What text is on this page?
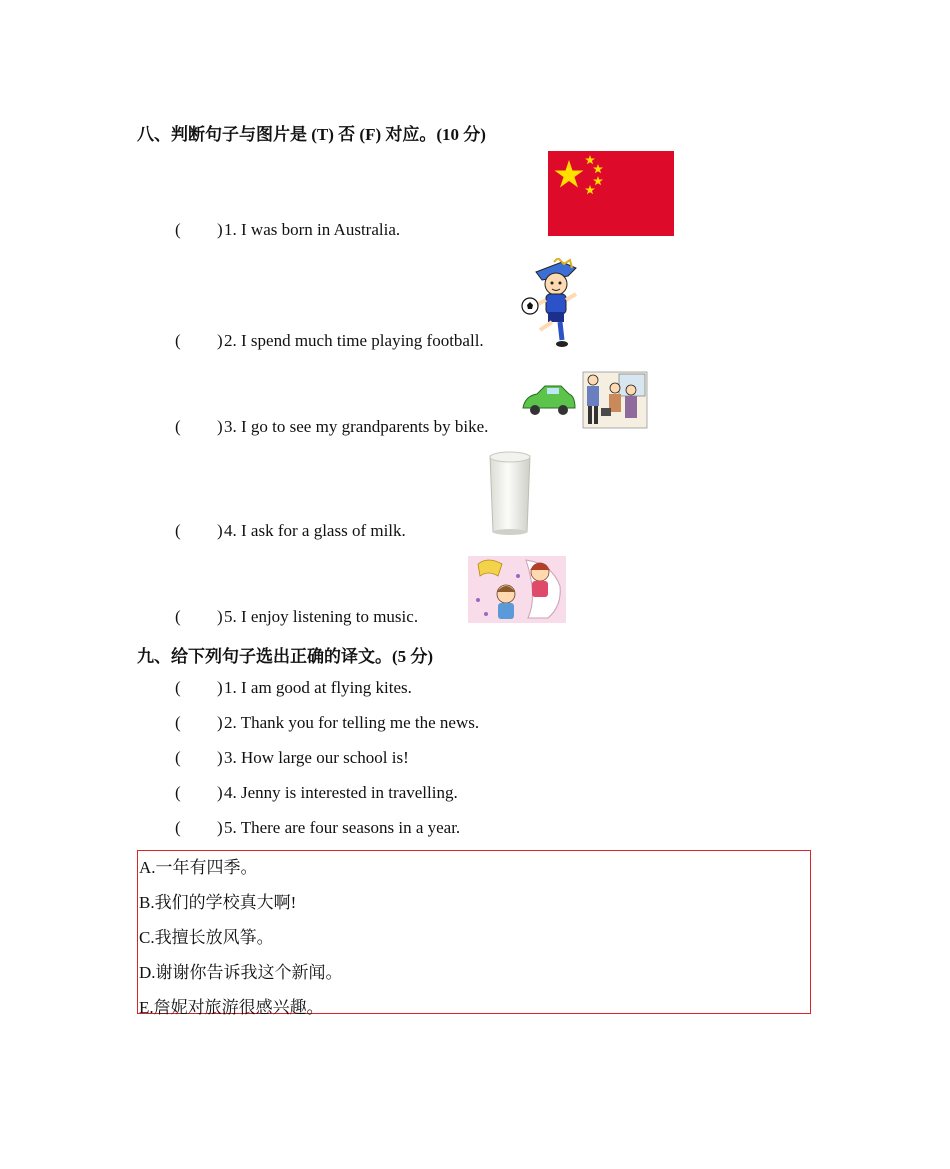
八、判断句子与图片是 (T) 否 (F) 对应。(10 分)
( ) 1. I was born in Australia.
( ) 2. I spend much time playing football.
( ) 3. I go to see my grandparents by bike.
( ) 4. I ask for a glass of milk.
( ) 5. I enjoy listening to music.
九、给下列句子选出正确的译文。(5 分)
( ) 1. I am good at flying kites.
( ) 2. Thank you for telling me the news.
( ) 3. How large our school is!
( ) 4. Jenny is interested in travelling.
( ) 5. There are four seasons in a year.
A.一年有四季。
B.我们的学校真大啊!
C.我擅长放风筝。
D.谢谢你告诉我这个新闻。
E.詹妮对旅游很感兴趣。
